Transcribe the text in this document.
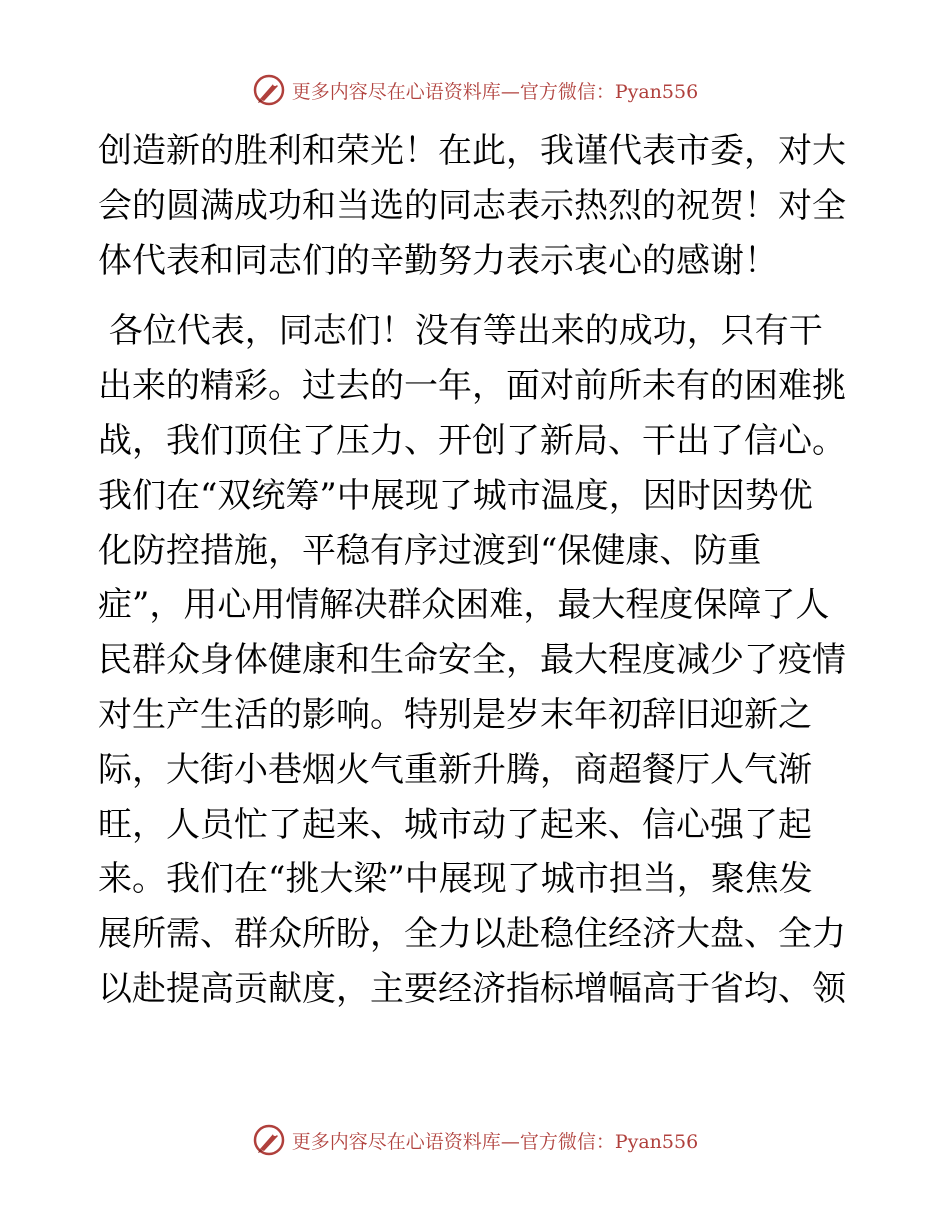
更多内容尽在心语资料库—官方微信：Pyan556
创造新的胜利和荣光！在此，我谨代表市委，对大
会的圆满成功和当选的同志表示热烈的祝贺！对全
体代表和同志们的辛勤努力表示衷心的感谢！
各位代表，同志们！没有等出来的成功，只有干
出来的精彩。过去的一年，面对前所未有的困难挑
战，我们顶住了压力、开创了新局、干出了信心。
我们在“双统筹”中展现了城市温度，因时因势优
化防控措施，平稳有序过渡到“保健康、防重
症”，用心用情解决群众困难，最大程度保障了人
民群众身体健康和生命安全，最大程度减少了疫情
对生产生活的影响。特别是岁末年初辞旧迎新之
际，大街小巷烟火气重新升腾，商超餐厅人气渐
旺，人员忙了起来、城市动了起来、信心强了起
来。我们在“挑大梁”中展现了城市担当，聚焦发
展所需、群众所盼，全力以赴稳住经济大盘、全力
以赴提高贡献度，主要经济指标增幅高于省均、领
更多内容尽在心语资料库—官方微信：Pyan556
